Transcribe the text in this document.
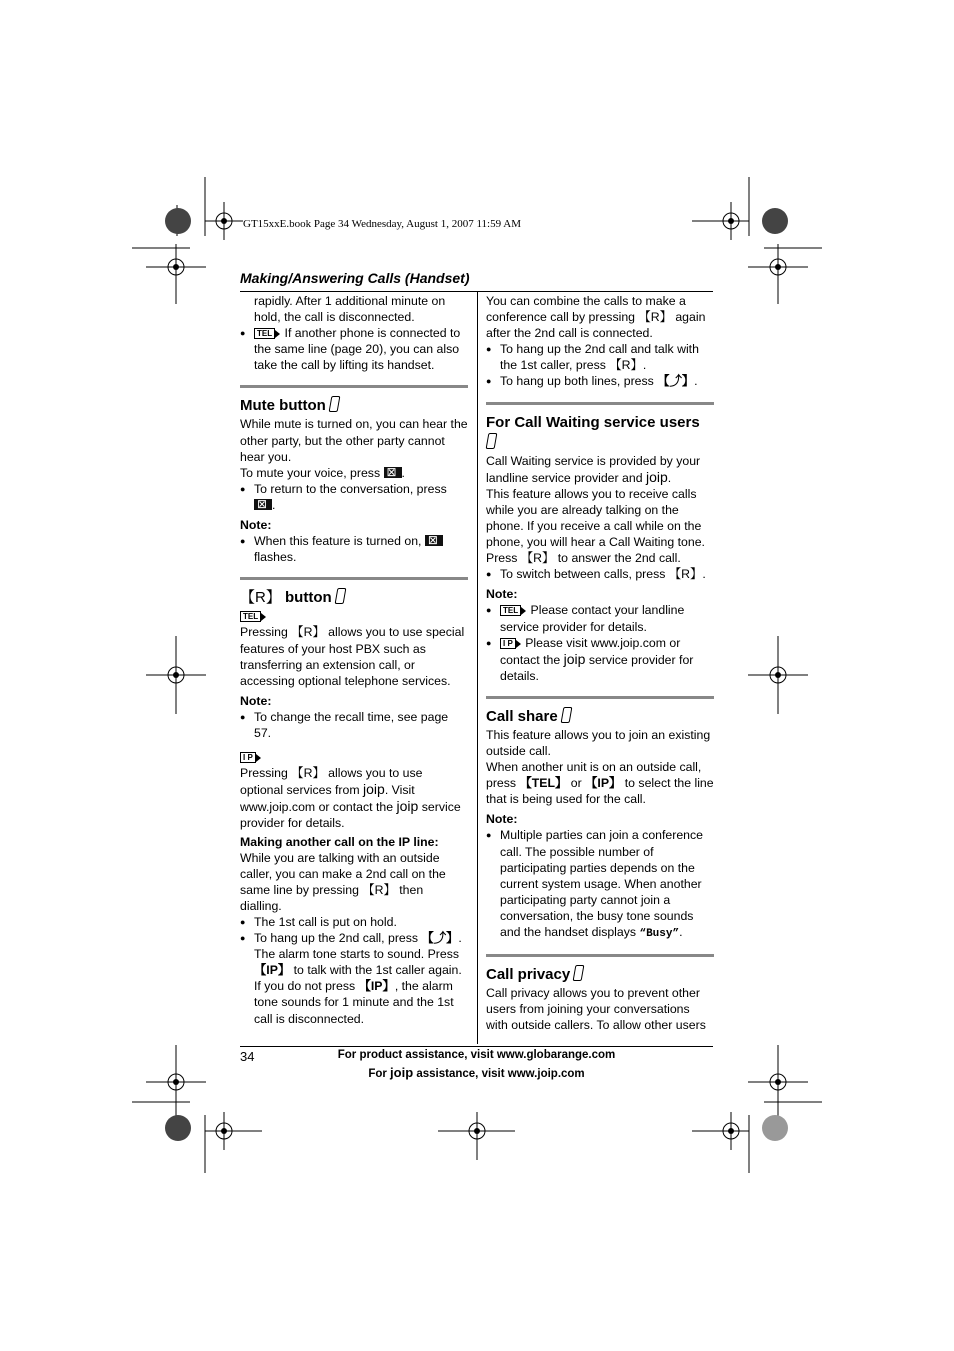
GT15xxE.book Page 34 Wednesday, August 1, 2007 11:59 AM
Making/Answering Calls (Handset)

rapidly. After 1 additional minute on hold, the call is disconnected.

● TEL If another phone is connected to the same line (page 20), you can also take the call by lifting its handset.

Mute button

While mute is turned on, you can hear the other party, but the other party cannot hear you.

To mute your voice, press ⊠ .

● To return to the conversation, press
⊠.

Note:

● When this feature is turned on, ⊠
flashes.

【R】 button

TEL

Pressing 【R】 allows you to use special features of your host PBX such as transferring an extension call, or accessing optional telephone services.

Note:

● To change the recall time, see page 57.

I P

Pressing 【R】 allows you to use optional services from joip. Visit www.joip.com or contact the joip service provider for details.

Making another call on the IP line:

While you are talking with an outside caller, you can make a 2nd call on the same line by pressing 【R】 then dialling.

● The 1st call is put on hold.

● To hang up the 2nd call, press 【⤴】. The alarm tone starts to sound. Press 【IP】 to talk with the 1st caller again. If you do not press 【IP】, the alarm tone sounds for 1 minute and the 1st call is disconnected.

You can combine the calls to make a conference call by pressing 【R】 again after the 2nd call is connected.

● To hang up the 2nd call and talk with the 1st caller, press 【R】.

● To hang up both lines, press 【⤴】.

For Call Waiting service users

Call Waiting service is provided by your landline service provider and joip.

This feature allows you to receive calls while you are already talking on the phone. If you receive a call while on the phone, you will hear a Call Waiting tone. Press 【R】 to answer the 2nd call.

● To switch between calls, press 【R】.

Note:

● TEL Please contact your landline service provider for details.

● I P Please visit www.joip.com or contact the joip service provider for details.

Call share

This feature allows you to join an existing outside call.

When another unit is on an outside call, press 【TEL】 or 【IP】 to select the line that is being used for the call.

Note:

● Multiple parties can join a conference call. The possible number of participating parties depends on the current system usage. When another participating party cannot join a conversation, the busy tone sounds and the handset displays “Busy”.

Call privacy

Call privacy allows you to prevent other users from joining your conversations with outside callers. To allow other users

34	For product assistance, visit www.globarange.com
For joip assistance, visit www.joip.com
